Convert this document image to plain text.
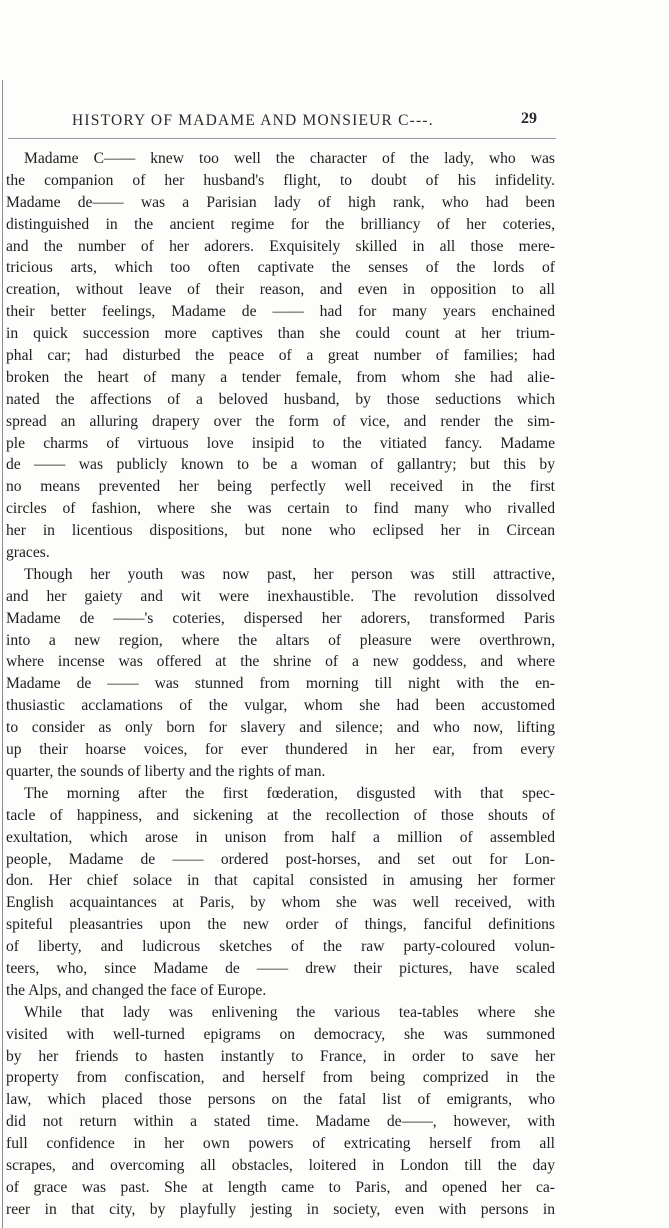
HISTORY OF MADAME AND MONSIEUR C---.	29
Madame C—— knew too well the character of the lady, who was
the companion of her husband's flight, to doubt of his infidelity.
Madame de—— was a Parisian lady of high rank, who had been
distinguished in the ancient regime for the brilliancy of her coteries,
and the number of her adorers. Exquisitely skilled in all those mere-
tricious arts, which too often captivate the senses of the lords of
creation, without leave of their reason, and even in opposition to all
their better feelings, Madame de —— had for many years enchained
in quick succession more captives than she could count at her trium-
phal car; had disturbed the peace of a great number of families; had
broken the heart of many a tender female, from whom she had alie-
nated the affections of a beloved husband, by those seductions which
spread an alluring drapery over the form of vice, and render the sim-
ple charms of virtuous love insipid to the vitiated fancy. Madame
de —— was publicly known to be a woman of gallantry; but this by
no means prevented her being perfectly well received in the first
circles of fashion, where she was certain to find many who rivalled
her in licentious dispositions, but none who eclipsed her in Circean
graces.
Though her youth was now past, her person was still attractive,
and her gaiety and wit were inexhaustible. The revolution dissolved
Madame de ——'s coteries, dispersed her adorers, transformed Paris
into a new region, where the altars of pleasure were overthrown,
where incense was offered at the shrine of a new goddess, and where
Madame de —— was stunned from morning till night with the en-
thusiastic acclamations of the vulgar, whom she had been accustomed
to consider as only born for slavery and silence; and who now, lifting
up their hoarse voices, for ever thundered in her ear, from every
quarter, the sounds of liberty and the rights of man.
The morning after the first fœderation, disgusted with that spec-
tacle of happiness, and sickening at the recollection of those shouts of
exultation, which arose in unison from half a million of assembled
people, Madame de —— ordered post-horses, and set out for Lon-
don. Her chief solace in that capital consisted in amusing her former
English acquaintances at Paris, by whom she was well received, with
spiteful pleasantries upon the new order of things, fanciful definitions
of liberty, and ludicrous sketches of the raw party-coloured volun-
teers, who, since Madame de —— drew their pictures, have scaled
the Alps, and changed the face of Europe.
While that lady was enlivening the various tea-tables where she
visited with well-turned epigrams on democracy, she was summoned
by her friends to hasten instantly to France, in order to save her
property from confiscation, and herself from being comprized in the
law, which placed those persons on the fatal list of emigrants, who
did not return within a stated time. Madame de——, however, with
full confidence in her own powers of extricating herself from all
scrapes, and overcoming all obstacles, loitered in London till the day
of grace was past. She at length came to Paris, and opened her ca-
reer in that city, by playfully jesting in society, even with persons in
